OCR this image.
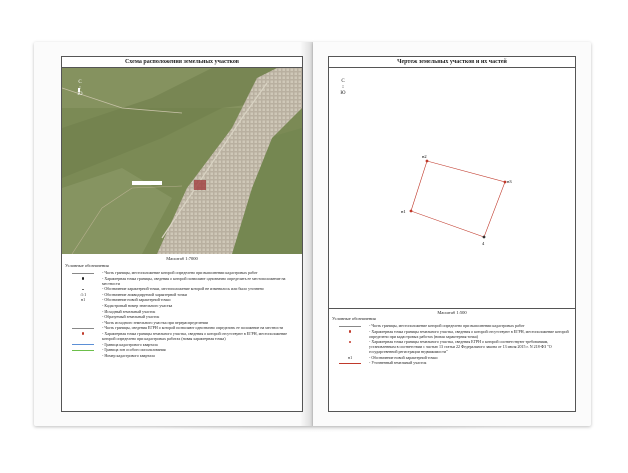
Схема расположения земельных участков
С
↕
Ю
Масштаб 1:7000
Условные обозначения
- Часть границы, местоположение которой определено при выполнении кадастровых работ
- Характерная точка границы, сведения о которой позволяют однозначно определить ее местоположение на местности
- Обозначение характерной точки, местоположение которой не изменилось или было уточнено
:1:1	- Обозначение ликвидируемой характерной точки
н1	- Обозначение новой характерной точки
- Кадастровый номер земельного участка
- Исходный земельный участок
- Образуемый земельный участок
- Часть исходного земельного участка при перераспределении
- Часть границы, сведения ЕГРН о которой позволяют однозначно определить ее положение на местности
- Характерная точка границы земельного участка, сведения о которой отсутствуют в ЕГРН, местоположение которой определено при кадастровых работах (новая характерная точка)
- Граница кадастрового квартала
- Граница зон особого использования
- Номер кадастрового квартала
Чертеж земельных участков и их частей
С
↕
Ю
н2
н3
н1
4
Масштаб 1:500
Условные обозначения
- Часть границы, местоположение которой определено при выполнении кадастровых работ
- Характерная точка границы земельного участка, сведения о которой отсутствуют в ЕГРН, местоположение которой определено при кадастровых работах (новая характерная точка)
- Характерная точка границы земельного участка, сведения ЕГРН о которой соответствуют требованиям, установленным в соответствии с частью 13 статьи 22 Федерального закона от 13 июля 2015 г. N 218-ФЗ "О государственной регистрации недвижимости"
н1	- Обозначение новой характерной точки
- Уточненный земельный участок
